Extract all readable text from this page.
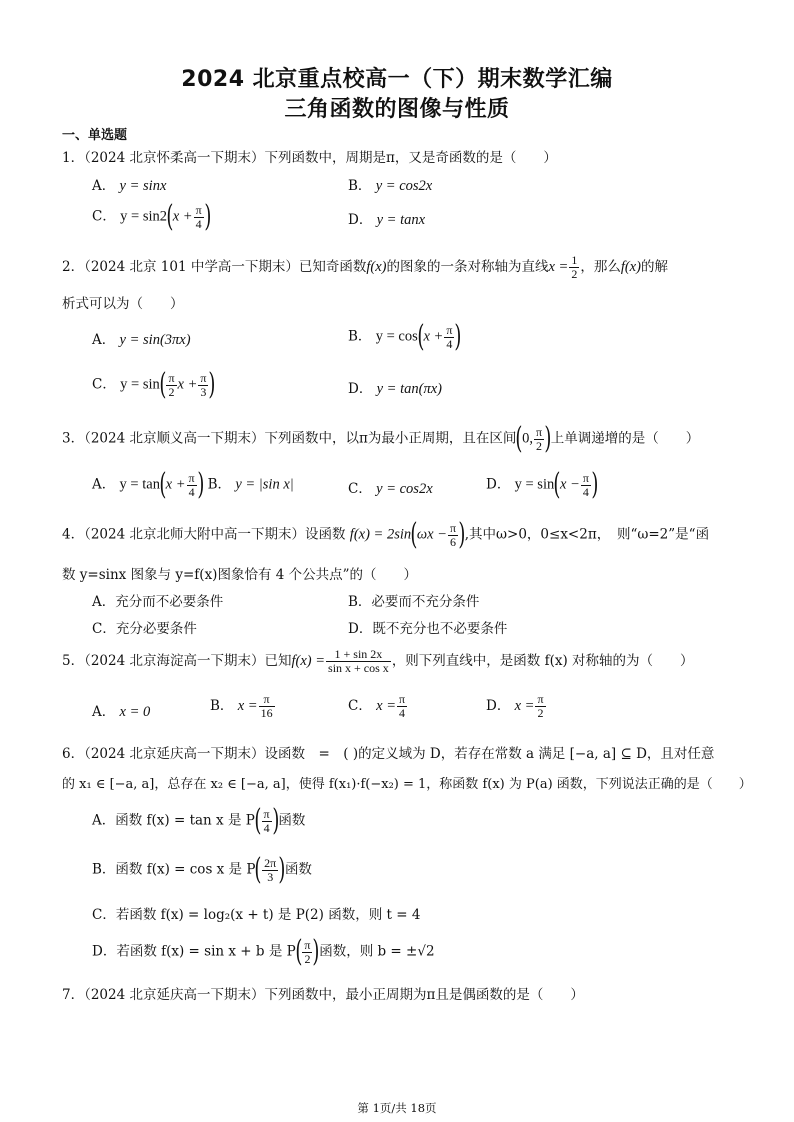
2024 北京重点校高一（下）期末数学汇编
三角函数的图像与性质
一、单选题
1．（2024 北京怀柔高一下期末）下列函数中，周期是π，又是奇函数的是（　　）
A． y = sinx	B． y = cos2x
C． $y = \sin 2(x + \frac{\pi}{4}$ )	D． y = tanx
2．（2024 北京 101 中学高一下期末）已知奇函数f(x)的图象的一条对称轴为直线$x = \frac{1}{2}$ ，那么f(x)的解
析式可以为（　　）
A． y = sin(3πx)	B． $y = \cos(x + \frac{\pi}{4}$ )
C． $y = \sin( \frac{\pi}{2}$ $x + \frac{\pi}{3}$ )	D． y = tan(πx)
3．（2024 北京顺义高一下期末）下列函数中，以π为最小正周期，且在区间(0, $\frac{\pi}{2}$ )上单调递增的是（　　）
A． $y = \tan(x + \frac{\pi}{4}$ ) B． y = |sin x|	C． y = cos2x	D． $y = \sin(x - \frac{\pi}{4}$ )
4．（2024 北京北师大附中高一下期末）设函数 $f(x) = 2\sin(\omega x - \frac{\pi}{6}$ ),其中ω>0，0≤x<2π，　则“ω=2”是“函
数 y=sinx 图象与 y=f(x)图象恰有 4 个公共点”的（　　）
A．充分而不必要条件	B．必要而不充分条件
C．充分必要条件	D．既不充分也不必要条件
5．（2024 北京海淀高一下期末）已知$f(x) = \frac{1 + \sin 2x}{\text{sin x + cos x}}$ ，则下列直线中，是函数 f(x) 对称轴的为（　　）
A． x = 0	B． $x = \frac{\pi}{16}$	C． $x = \frac{\pi}{4}$	D． $x = \frac{\pi}{2}$
6．（2024 北京延庆高一下期末）设函数　=　( )的定义域为 D，若存在常数 a 满足 [−a, a] ⊆ D，且对任意
的 x₁ ∈ [−a, a]，总存在 x₂ ∈ [−a, a]，使得 f(x₁)·f(−x₂) = 1，称函数 f(x) 为 P(a) 函数，下列说法正确的是（　　）
A．函数 f(x) = tan x 是 $P( \frac{\pi}{4}$ )函数
B．函数 f(x) = cos x 是 $P( \frac{2\pi}{3}$ )函数
C．若函数 f(x) = log₂(x + t) 是 P(2) 函数，则 t = 4
D．若函数 f(x) = sin x + b 是 $P( \frac{\pi}{2}$ )函数，则 b = ±√2
7．（2024 北京延庆高一下期末）下列函数中，最小正周期为π且是偶函数的是（　　）
第 1页/共 18页
